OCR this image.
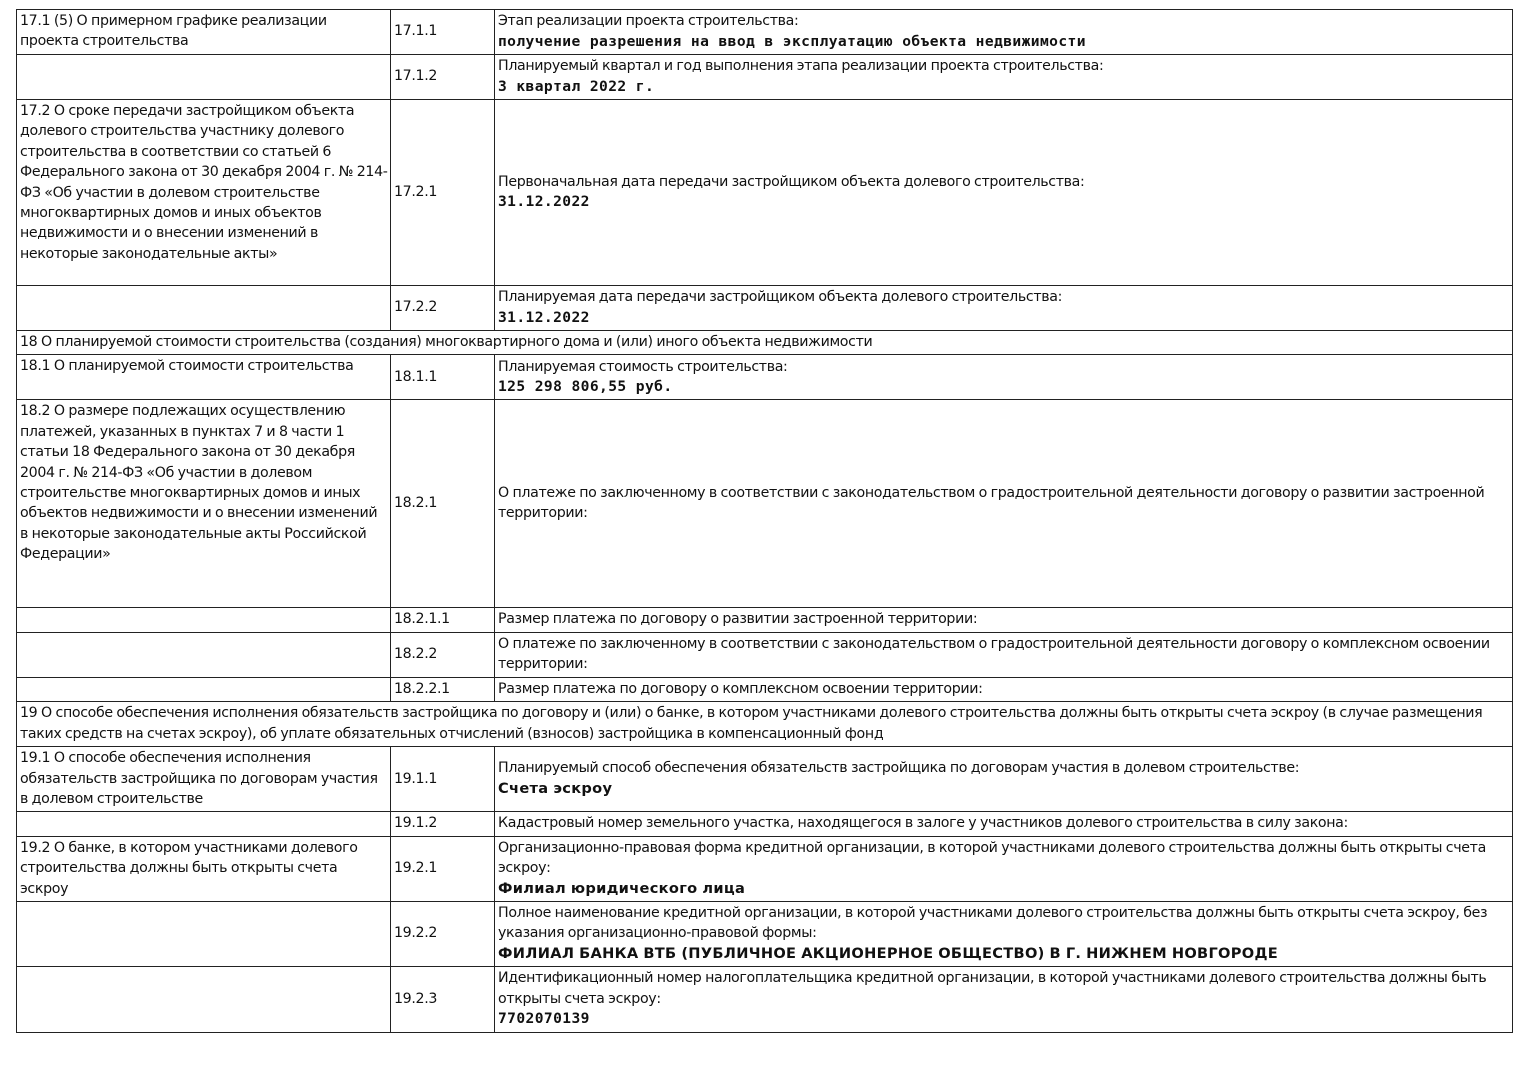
17.1 (5) О примерном графике реализации проекта строительства	17.1.1	Этап реализации проекта строительства:
получение разрешения на ввод в эксплуатацию объекта недвижимости

	17.1.2	Планируемый квартал и год выполнения этапа реализации проекта строительства:
3 квартал 2022 г.

17.2 О сроке передачи застройщиком объекта долевого строительства участнику долевого строительства в соответствии со статьей 6 Федерального закона от 30 декабря 2004 г. № 214-ФЗ «Об участии в долевом строительстве многоквартирных домов и иных объектов недвижимости и о внесении изменений в некоторые законодательные акты»	17.2.1	Первоначальная дата передачи застройщиком объекта долевого строительства:
31.12.2022

	17.2.2	Планируемая дата передачи застройщиком объекта долевого строительства:
31.12.2022

18 О планируемой стоимости строительства (создания) многоквартирного дома и (или) иного объекта недвижимости		
18.1 О планируемой стоимости строительства	18.1.1	Планируемая стоимость строительства:
125 298 806,55 руб.

18.2 О размере подлежащих осуществлению платежей, указанных в пунктах 7 и 8 части 1 статьи 18 Федерального закона от 30 декабря 2004 г. № 214-ФЗ «Об участии в долевом строительстве многоквартирных домов и иных объектов недвижимости и о внесении изменений в некоторые законодательные акты Российской Федерации»	18.2.1	О платеже по заключенному в соответствии с законодательством о градостроительной деятельности договору о развитии застроенной территории:

	18.2.1.1	Размер платежа по договору о развитии застроенной территории:

	18.2.2	О платеже по заключенному в соответствии с законодательством о градостроительной деятельности договору о комплексном освоении территории:

	18.2.2.1	Размер платежа по договору о комплексном освоении территории:

19 О способе обеспечения исполнения обязательств застройщика по договору и (или) о банке, в котором участниками долевого строительства должны быть открыты счета эскроу (в случае размещения таких средств на счетах эскроу), об уплате обязательных отчислений (взносов) застройщика в компенсационный фонд		
19.1 О способе обеспечения исполнения обязательств застройщика по договорам участия в долевом строительстве	19.1.1	Планируемый способ обеспечения обязательств застройщика по договорам участия в долевом строительстве:
Счета эскроу

	19.1.2	Кадастровый номер земельного участка, находящегося в залоге у участников долевого строительства в силу закона:

19.2 О банке, в котором участниками долевого строительства должны быть открыты счета эскроу	19.2.1	Организационно-правовая форма кредитной организации, в которой участниками долевого строительства должны быть открыты счета эскроу:
Филиал юридического лица

	19.2.2	Полное наименование кредитной организации, в которой участниками долевого строительства должны быть открыты счета эскроу, без указания организационно-правовой формы:
ФИЛИАЛ БАНКА ВТБ (ПУБЛИЧНОЕ АКЦИОНЕРНОЕ ОБЩЕСТВО) В Г. НИЖНЕМ НОВГОРОДЕ

	19.2.3	Идентификационный номер налогоплательщика кредитной организации, в которой участниками долевого строительства должны быть открыты счета эскроу:
7702070139
